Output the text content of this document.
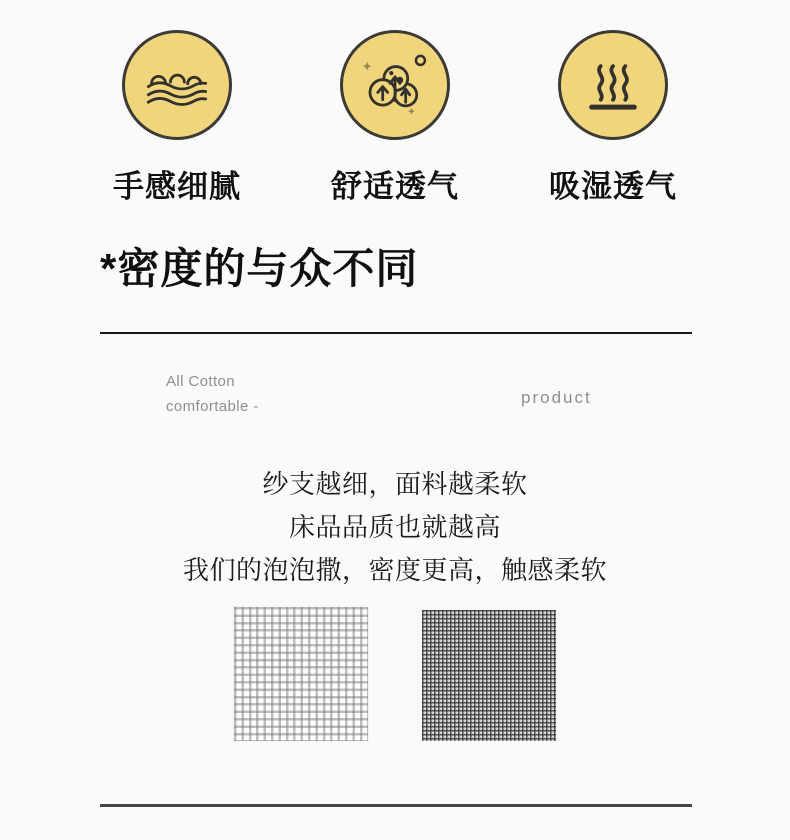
手感细腻	舒适透气	吸湿透气
*密度的与众不同
All Cotton
comfortable -	product
纱支越细，面料越柔软
床品品质也就越高
我们的泡泡撒，密度更高，触感柔软
